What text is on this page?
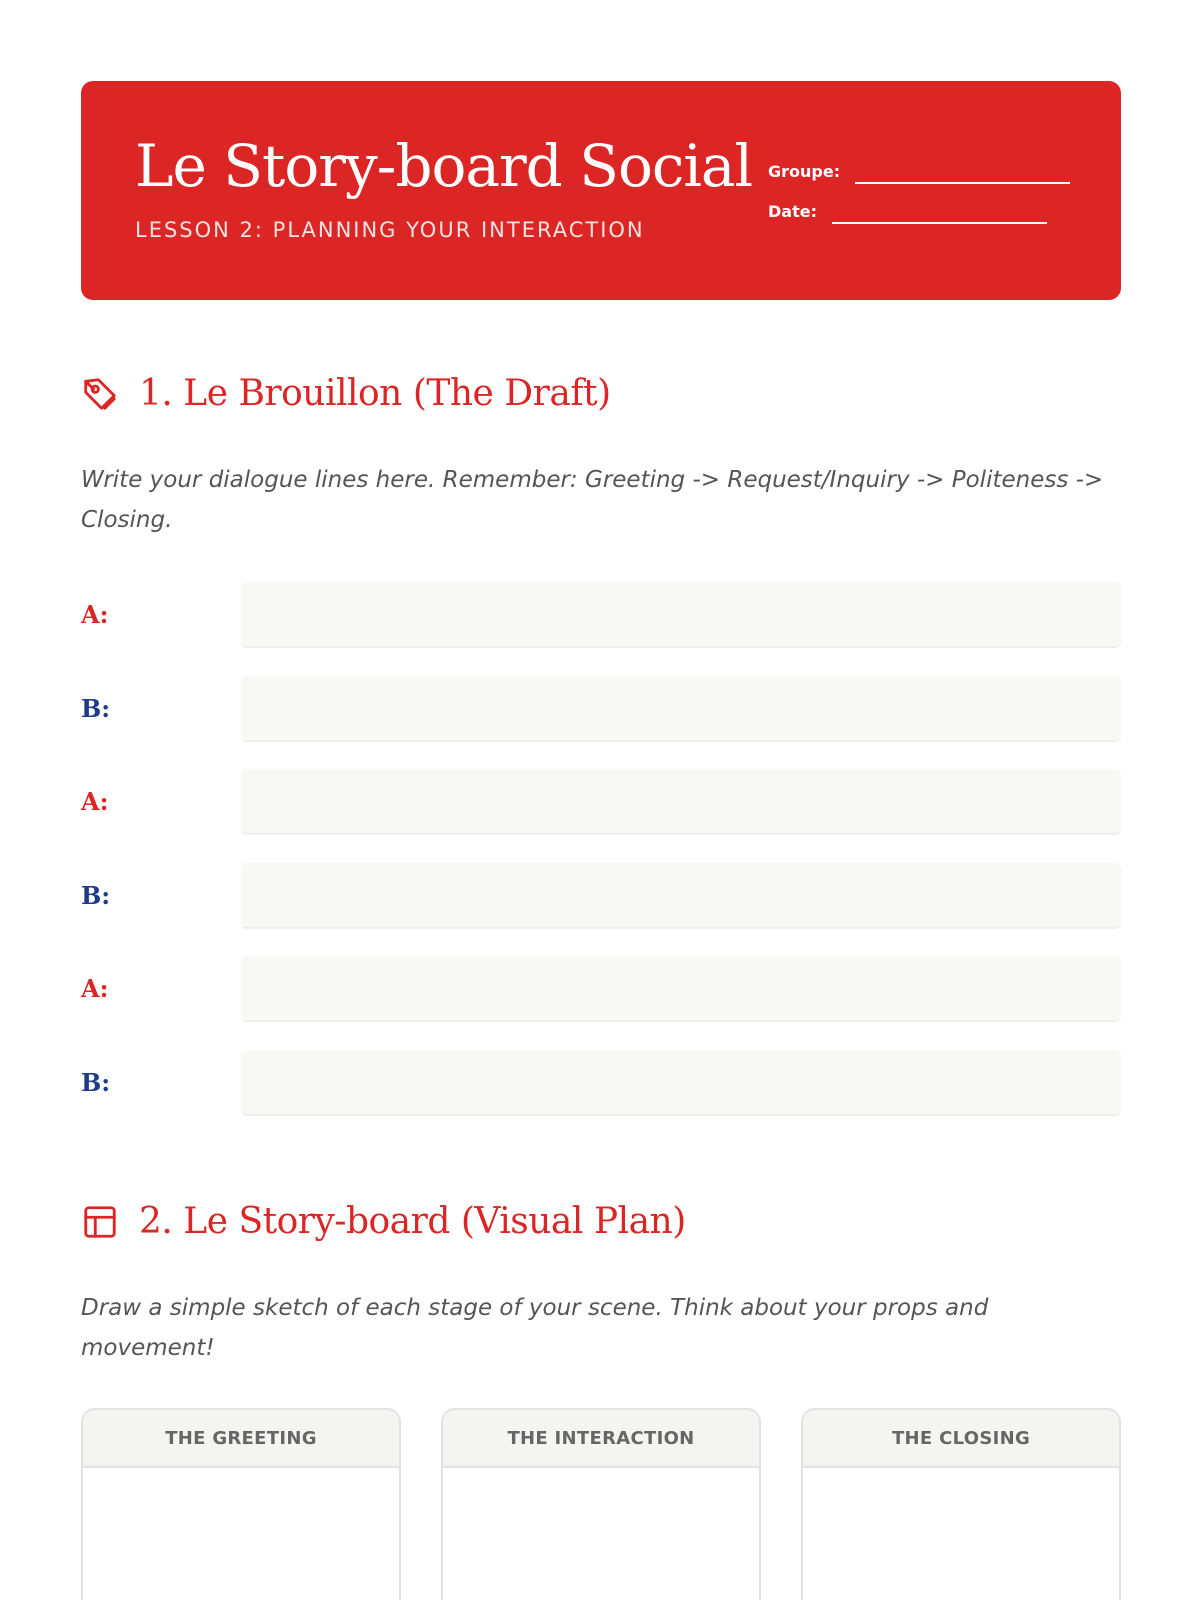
Le Story-board Social
LESSON 2: PLANNING YOUR INTERACTION
Groupe:
Date:
1. Le Brouillon (The Draft)
Write your dialogue lines here. Remember: Greeting -> Request/Inquiry -> Politeness -> Closing.
A:
B:
A:
B:
A:
B:
2. Le Story-board (Visual Plan)
Draw a simple sketch of each stage of your scene. Think about your props and movement!
THE GREETING	THE INTERACTION	THE CLOSING
